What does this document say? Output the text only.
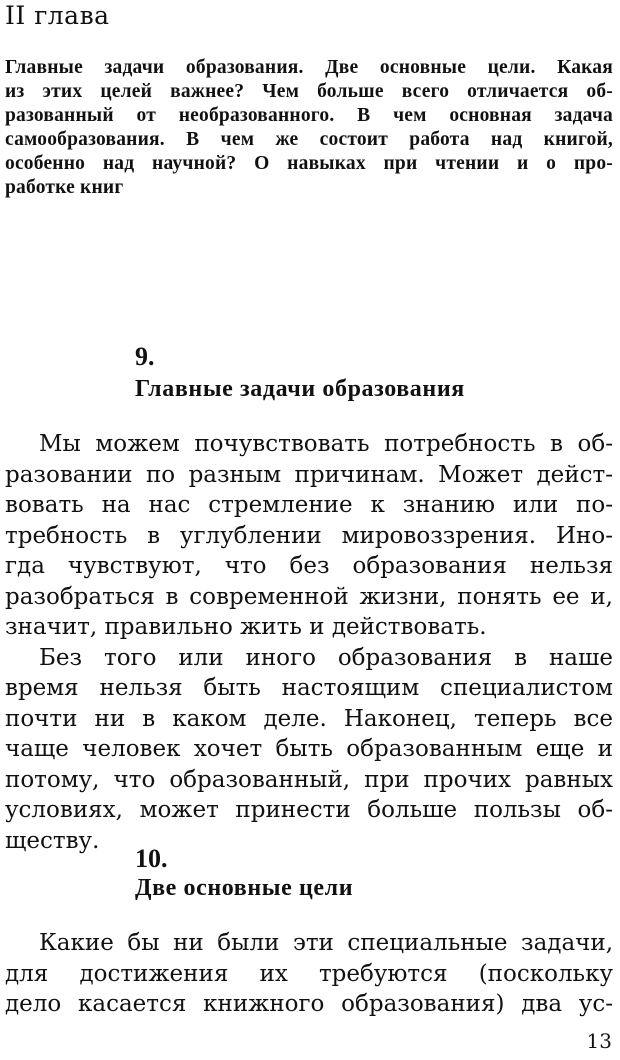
II глава
Главные задачи образования. Две основные цели. Какая
из этих целей важнее? Чем больше всего отличается об-
разованный от необразованного. В чем основная задача
самообразования. В чем же состоит работа над книгой,
особенно над научной? О навыках при чтении и о про-
работке книг
9.
Главные задачи образования
Мы можем почувствовать потребность в об-
разовании по разным причинам. Может дейст-
вовать на нас стремление к знанию или по-
требность в углублении мировоззрения. Ино-
гда чувствуют, что без образования нельзя
разобраться в современной жизни, понять ее и,
значит, правильно жить и действовать.
Без того или иного образования в наше
время нельзя быть настоящим специалистом
почти ни в каком деле. Наконец, теперь все
чаще человек хочет быть образованным еще и
потому, что образованный, при прочих равных
условиях, может принести больше пользы об-
ществу.
10.
Две основные цели
Какие бы ни были эти специальные задачи,
для достижения их требуются (поскольку
дело касается книжного образования) два ус-
13
